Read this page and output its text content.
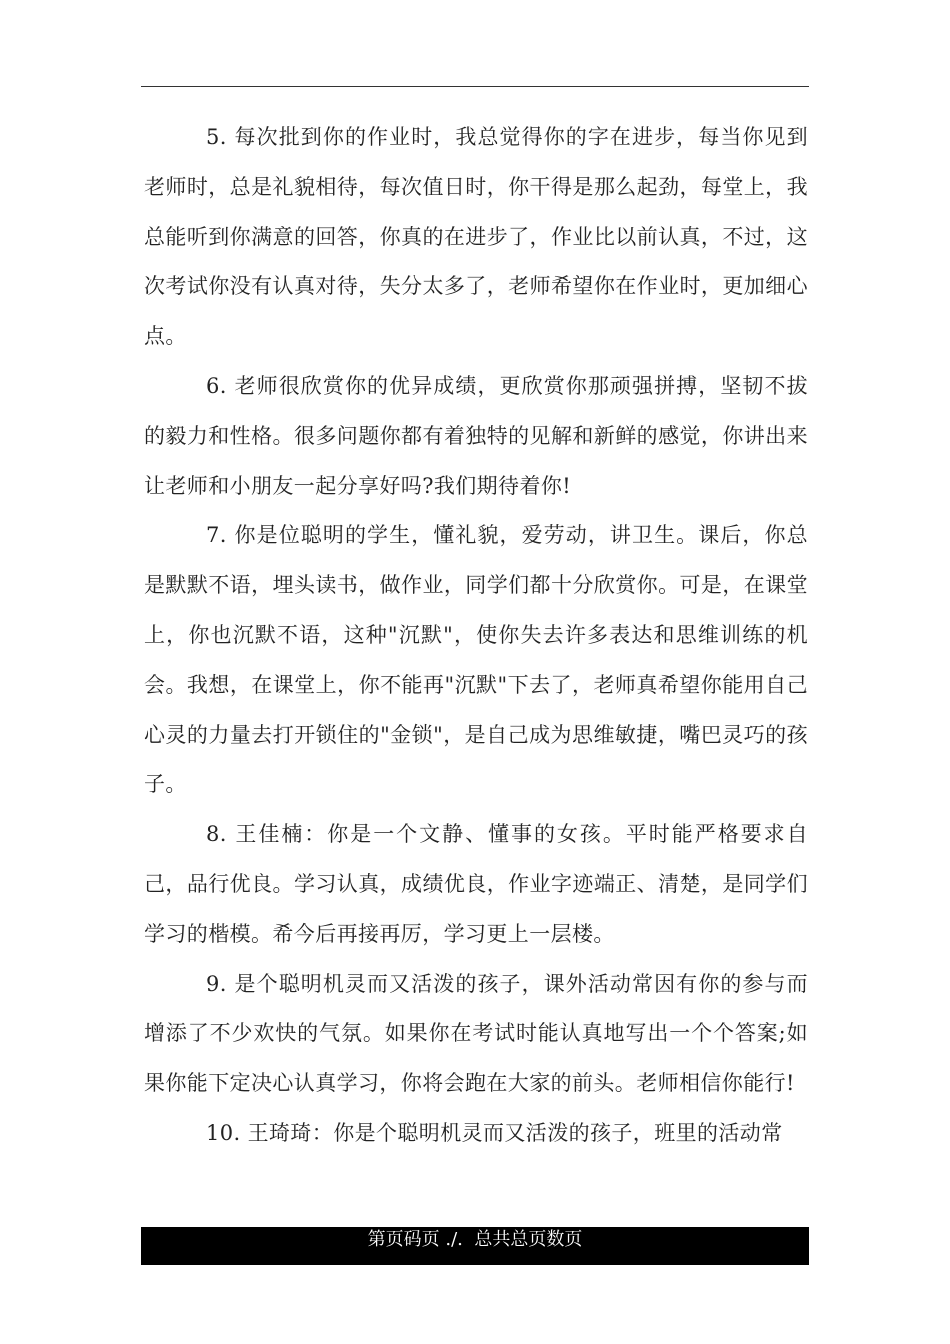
5. 每次批到你的作业时，我总觉得你的字在进步，每当你见到老师时，总是礼貌相待，每次值日时，你干得是那么起劲，每堂上，我总能听到你满意的回答，你真的在进步了，作业比以前认真，不过，这次考试你没有认真对待，失分太多了，老师希望你在作业时，更加细心点。

6. 老师很欣赏你的优异成绩，更欣赏你那顽强拼搏，坚韧不拔的毅力和性格。很多问题你都有着独特的见解和新鲜的感觉，你讲出来让老师和小朋友一起分享好吗?我们期待着你!

7. 你是位聪明的学生，懂礼貌，爱劳动，讲卫生。课后，你总是默默不语，埋头读书，做作业，同学们都十分欣赏你。可是，在课堂上，你也沉默不语，这种"沉默"，使你失去许多表达和思维训练的机会。我想，在课堂上，你不能再"沉默"下去了，老师真希望你能用自己心灵的力量去打开锁住的"金锁"，是自己成为思维敏捷，嘴巴灵巧的孩子。

8. 王佳楠：你是一个文静、懂事的女孩。平时能严格要求自己，品行优良。学习认真，成绩优良，作业字迹端正、清楚，是同学们学习的楷模。希今后再接再厉，学习更上一层楼。

9. 是个聪明机灵而又活泼的孩子，课外活动常因有你的参与而增添了不少欢快的气氛。如果你在考试时能认真地写出一个个答案;如果你能下定决心认真学习，你将会跑在大家的前头。老师相信你能行!

10. 王琦琦：你是个聪明机灵而又活泼的孩子，班里的活动常

第页码页 ./.  总共总页数页
